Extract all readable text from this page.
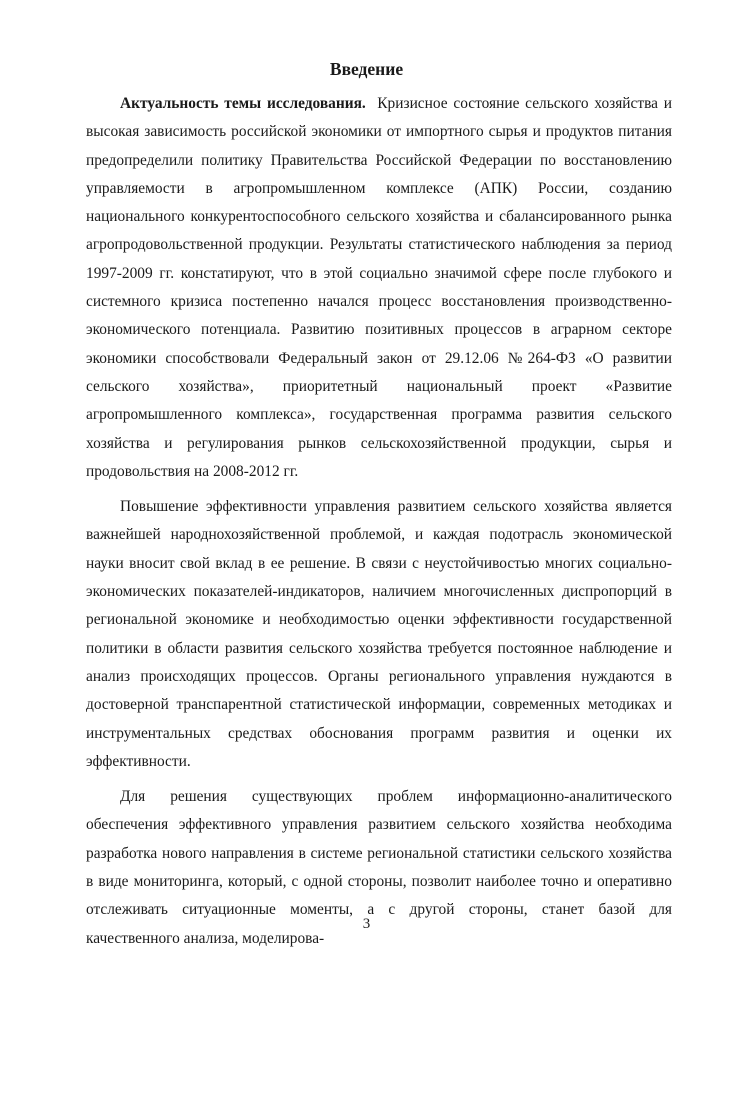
Введение

Актуальность темы исследования. Кризисное состояние сельского хозяйства и высокая зависимость российской экономики от импортного сырья и продуктов питания предопределили политику Правительства Российской Федерации по восстановлению управляемости в агропромышленном комплексе (АПК) России, созданию национального конкурентоспособного сельского хозяйства и сбалансированного рынка агропродовольственной продукции. Результаты статистического наблюдения за период 1997-2009 гг. констатируют, что в этой социально значимой сфере после глубокого и системного кризиса постепенно начался процесс восстановления производственно-экономического потенциала. Развитию позитивных процессов в аграрном секторе экономики способствовали Федеральный закон от 29.12.06 №264-ФЗ «О развитии сельского хозяйства», приоритетный национальный проект «Развитие агропромышленного комплекса», государственная программа развития сельского хозяйства и регулирования рынков сельскохозяйственной продукции, сырья и продовольствия на 2008-2012 гг.

Повышение эффективности управления развитием сельского хозяйства является важнейшей народнохозяйственной проблемой, и каждая подотрасль экономической науки вносит свой вклад в ее решение. В связи с неустойчивостью многих социально-экономических показателей-индикаторов, наличием многочисленных диспропорций в региональной экономике и необходимостью оценки эффективности государственной политики в области развития сельского хозяйства требуется постоянное наблюдение и анализ происходящих процессов. Органы регионального управления нуждаются в достоверной транспарентной статистической информации, современных методиках и инструментальных средствах обоснования программ развития и оценки их эффективности.

Для решения существующих проблем информационно-аналитического обеспечения эффективного управления развитием сельского хозяйства необходима разработка нового направления в системе региональной статистики сельского хозяйства в виде мониторинга, который, с одной стороны, позволит наиболее точно и оперативно отслеживать ситуационные моменты, а с другой стороны, станет базой для качественного анализа, моделирова-

3
